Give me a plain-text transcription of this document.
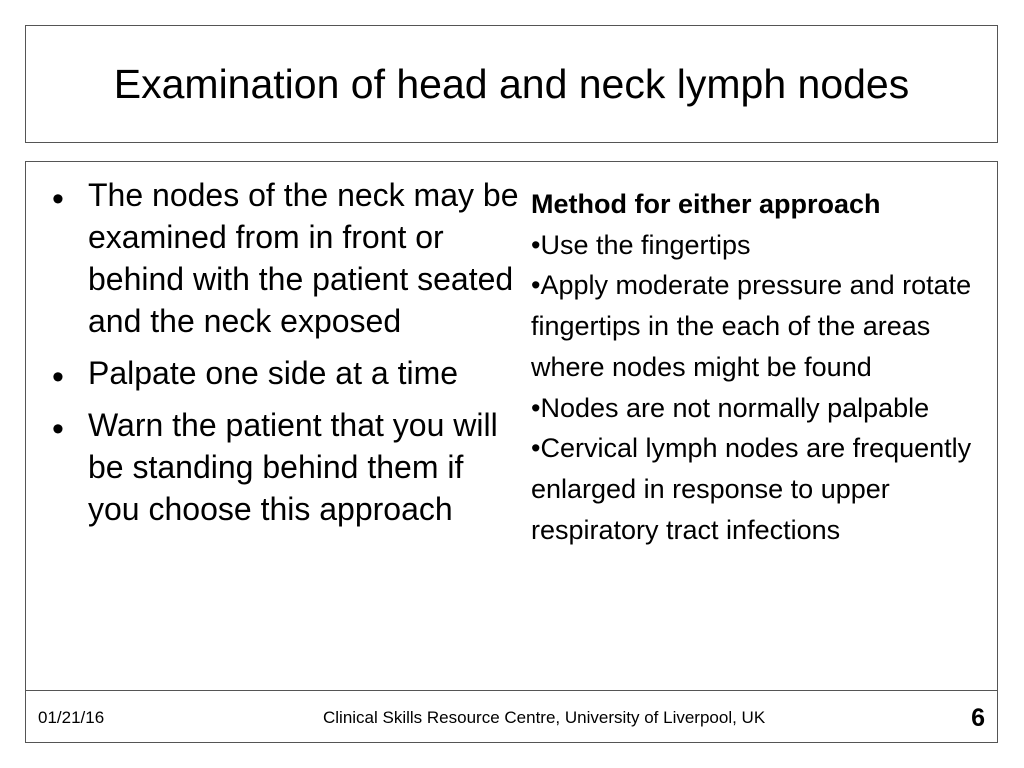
Examination of head and neck lymph nodes
• The nodes of the neck may be examined from in front or behind with the patient seated and the neck exposed
• Palpate one side at a time
• Warn the patient that you will be standing behind them if you choose this approach
Method for either approach
•Use the fingertips
•Apply moderate pressure and rotate fingertips in the each of the areas where nodes might be found
•Nodes are not normally palpable
•Cervical lymph nodes are frequently enlarged in response to upper respiratory tract infections
01/21/16	Clinical Skills Resource Centre, University of Liverpool, UK	6
